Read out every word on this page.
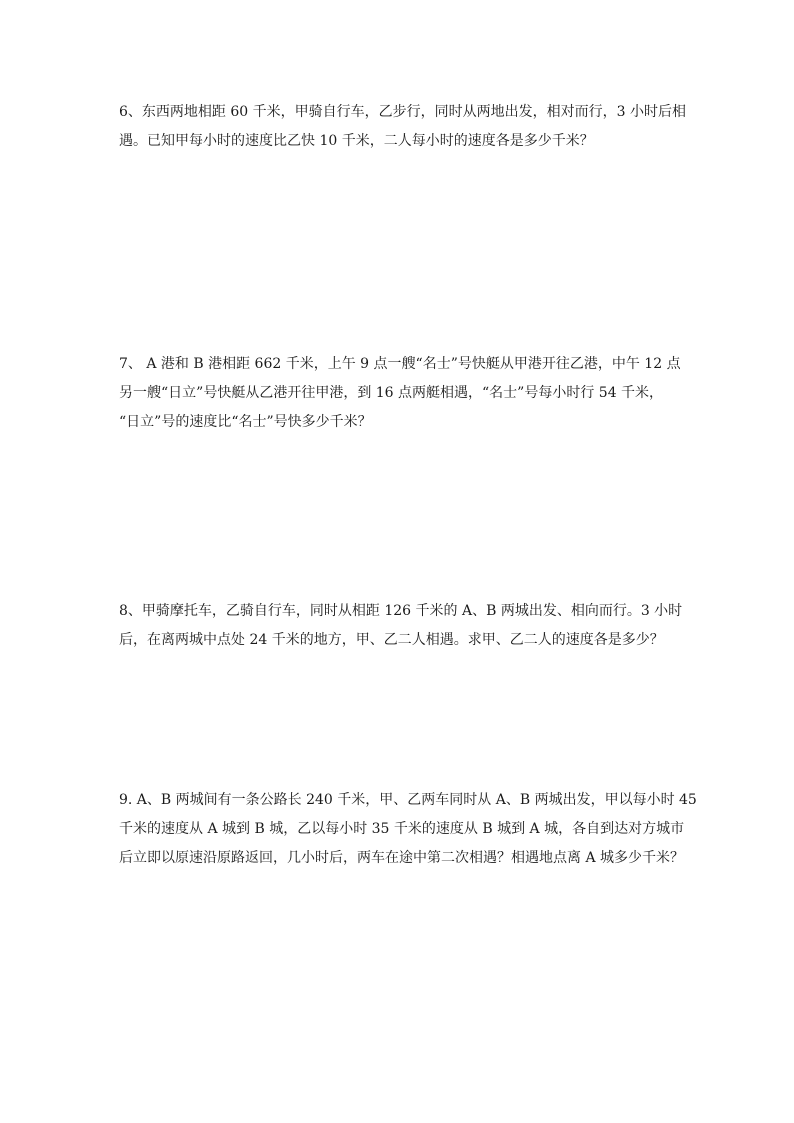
6、东西两地相距 60 千米，甲骑自行车，乙步行，同时从两地出发，相对而行，3 小时后相
遇。已知甲每小时的速度比乙快 10 千米，二人每小时的速度各是多少千米？
7、 A 港和 B 港相距 662 千米，上午 9 点一艘“名士”号快艇从甲港开往乙港，中午 12 点
另一艘“日立”号快艇从乙港开往甲港，到 16 点两艇相遇，“名士”号每小时行 54 千米，
“日立”号的速度比“名士”号快多少千米？
8、甲骑摩托车，乙骑自行车，同时从相距 126 千米的 A、B 两城出发、相向而行。3 小时
后，在离两城中点处 24 千米的地方，甲、乙二人相遇。求甲、乙二人的速度各是多少？
9. A、B 两城间有一条公路长 240 千米，甲、乙两车同时从 A、B 两城出发，甲以每小时 45
千米的速度从 A 城到 B 城，乙以每小时 35 千米的速度从 B 城到 A 城，各自到达对方城市
后立即以原速沿原路返回，几小时后，两车在途中第二次相遇？相遇地点离 A 城多少千米？
